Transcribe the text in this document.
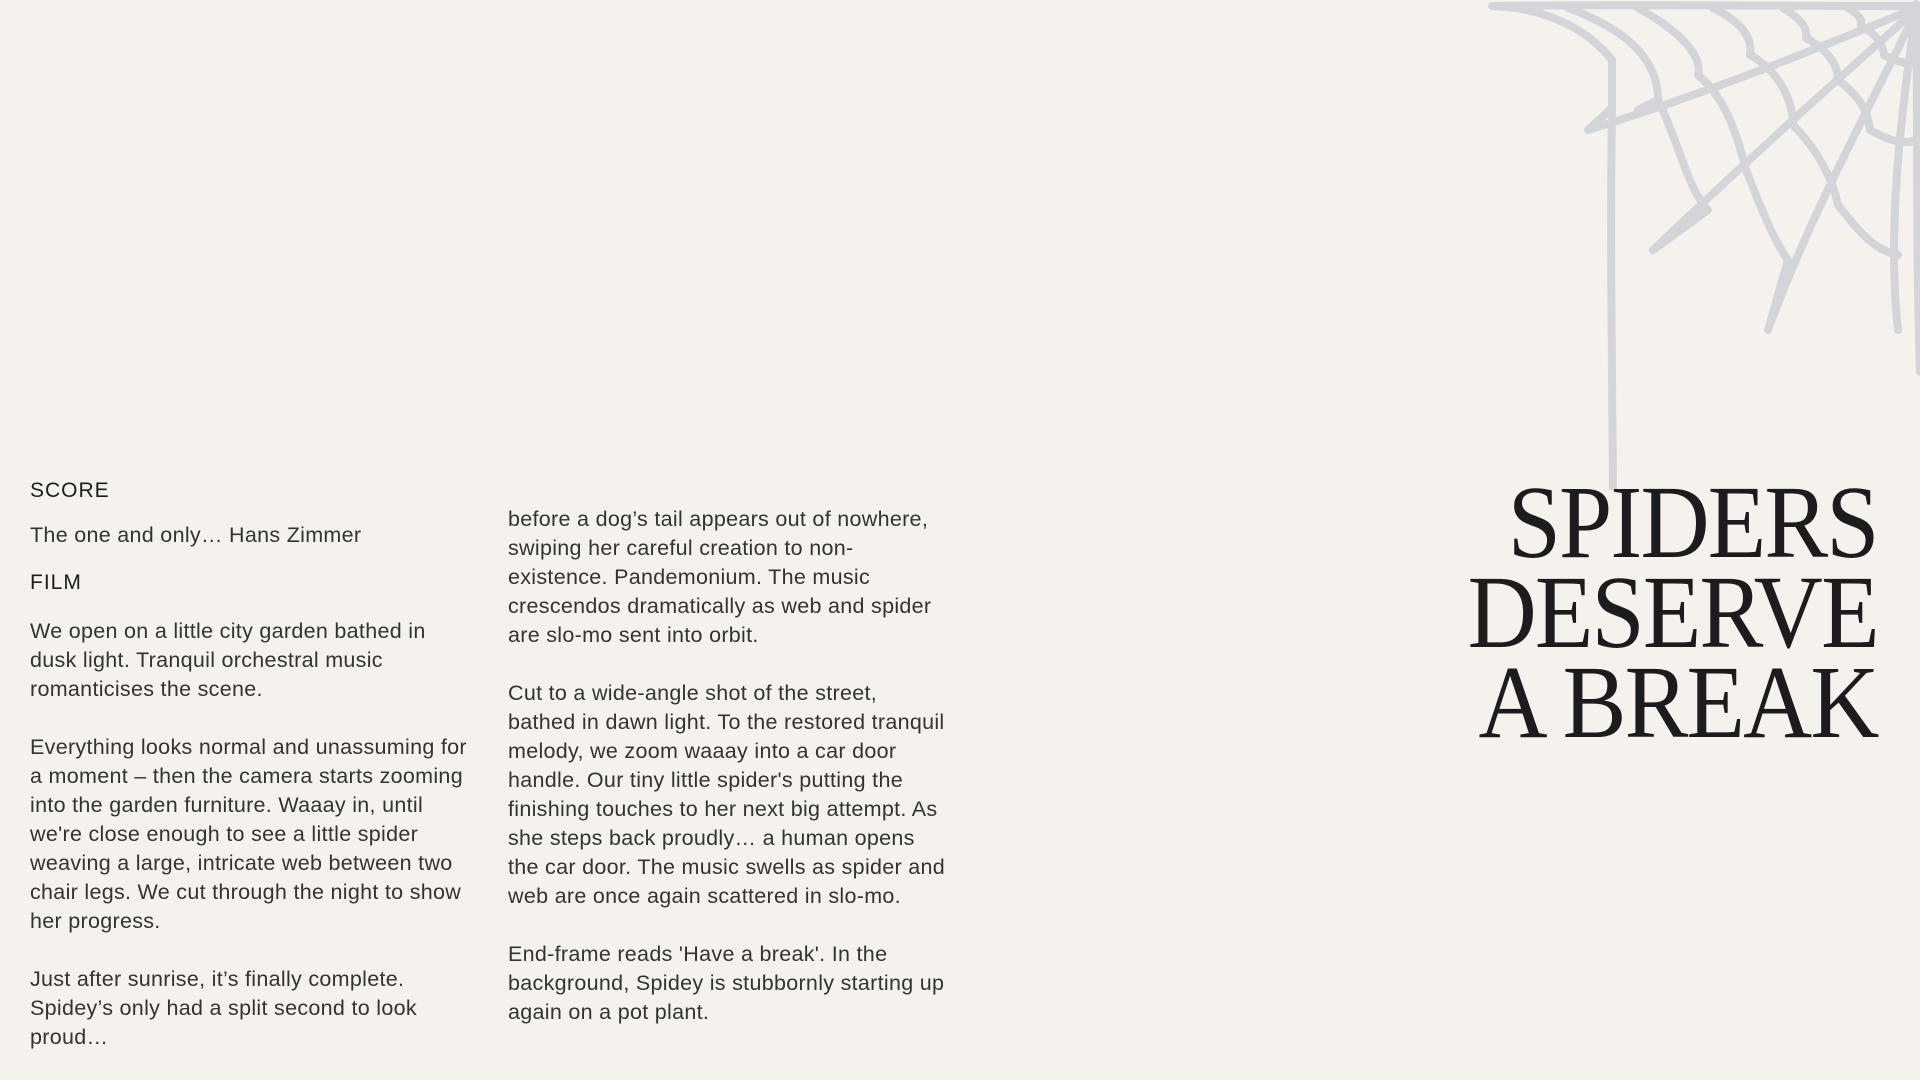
SCORE

The one and only… Hans Zimmer

FILM

We open on a little city garden bathed in dusk light. Tranquil orchestral music romanticises the scene.

Everything looks normal and unassuming for a moment – then the camera starts zooming into the garden furniture. Waaay in, until we're close enough to see a little spider weaving a large, intricate web between two chair legs. We cut through the night to show her progress.

Just after sunrise, it’s finally complete. Spidey’s only had a split second to look proud…

before a dog’s tail appears out of nowhere, swiping her careful creation to non-existence. Pandemonium. The music crescendos dramatically as web and spider are slo-mo sent into orbit.

Cut to a wide-angle shot of the street, bathed in dawn light. To the restored tranquil melody, we zoom waaay into a car door handle. Our tiny little spider's putting the finishing touches to her next big attempt. As she steps back proudly… a human opens the car door. The music swells as spider and web are once again scattered in slo-mo.

End-frame reads 'Have a break'. In the background, Spidey is stubbornly starting up again on a pot plant.

SPIDERS
DESERVE
A BREAK
